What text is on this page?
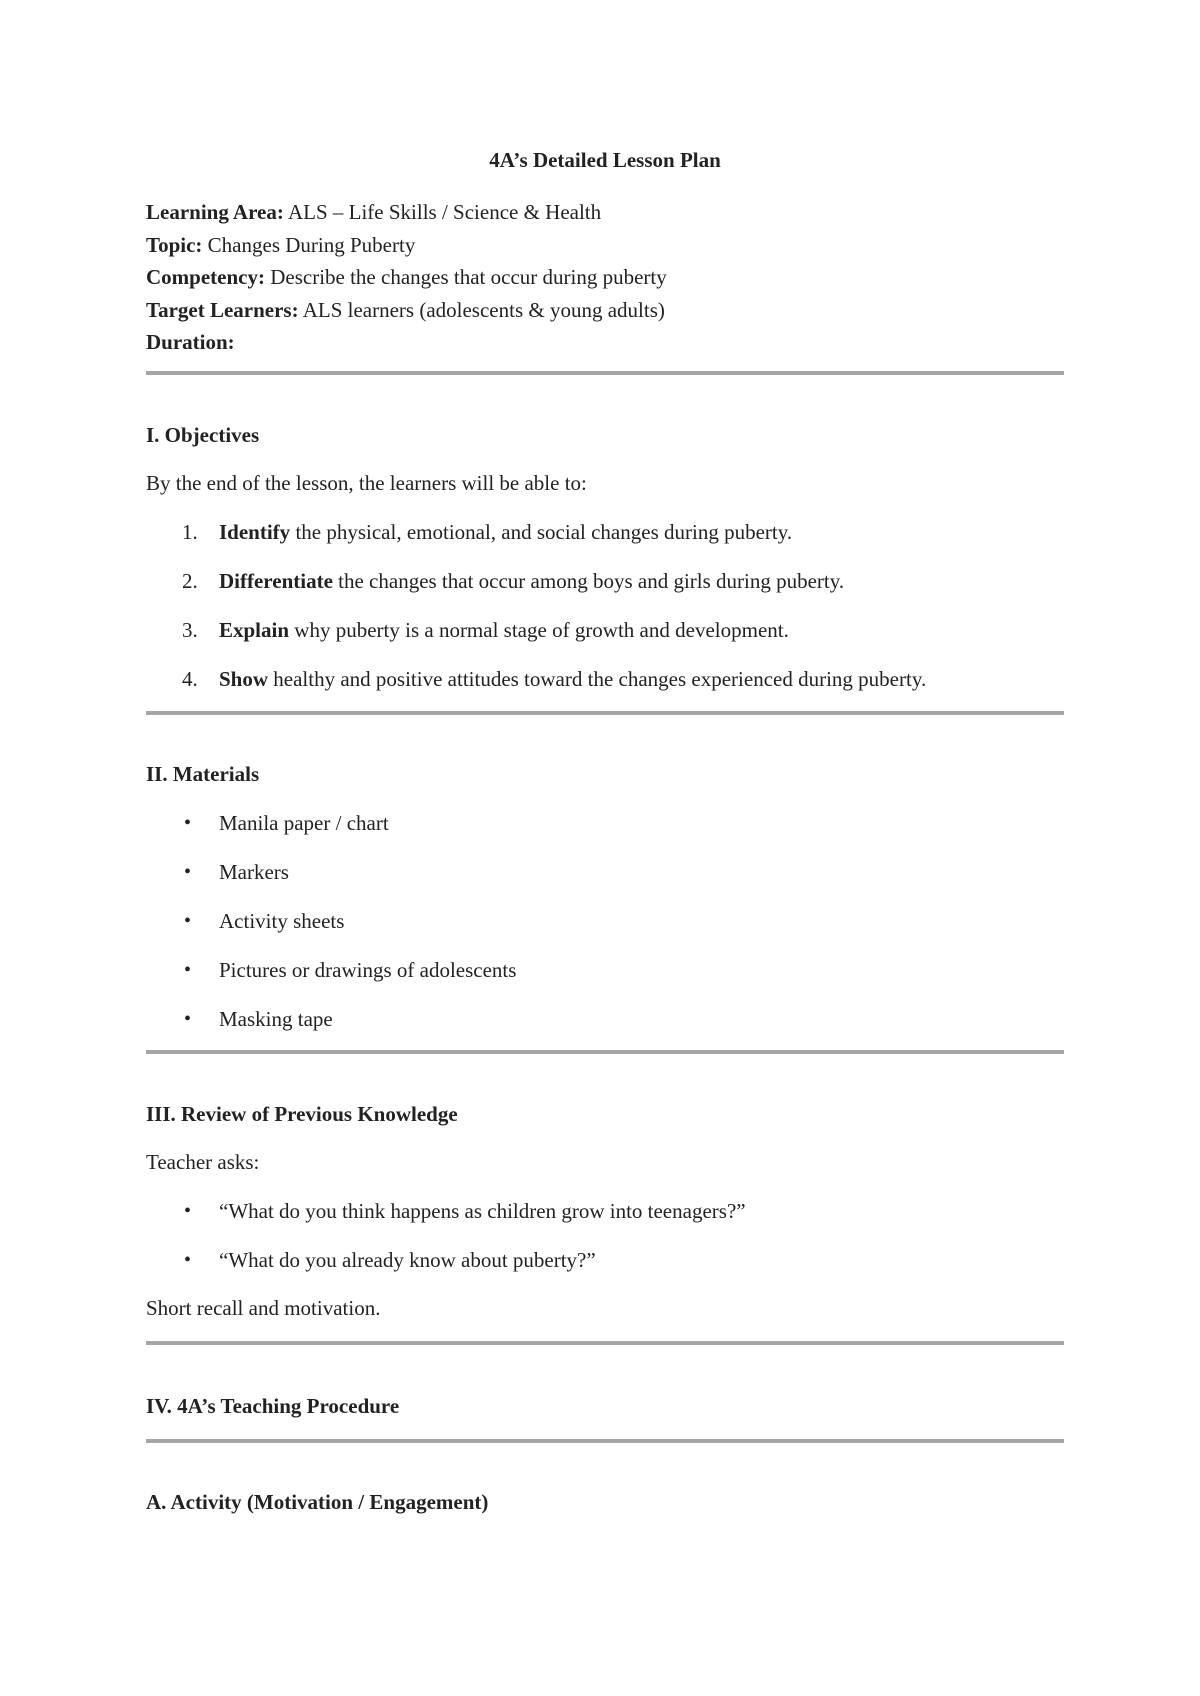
4A’s Detailed Lesson Plan
Learning Area: ALS – Life Skills / Science & Health
Topic: Changes During Puberty
Competency: Describe the changes that occur during puberty
Target Learners: ALS learners (adolescents & young adults)
Duration:
I. Objectives
By the end of the lesson, the learners will be able to:
1. Identify the physical, emotional, and social changes during puberty.
2. Differentiate the changes that occur among boys and girls during puberty.
3. Explain why puberty is a normal stage of growth and development.
4. Show healthy and positive attitudes toward the changes experienced during puberty.
II. Materials
• Manila paper / chart
• Markers
• Activity sheets
• Pictures or drawings of adolescents
• Masking tape
III. Review of Previous Knowledge
Teacher asks:
• “What do you think happens as children grow into teenagers?”
• “What do you already know about puberty?”
Short recall and motivation.
IV. 4A’s Teaching Procedure
A. Activity (Motivation / Engagement)
